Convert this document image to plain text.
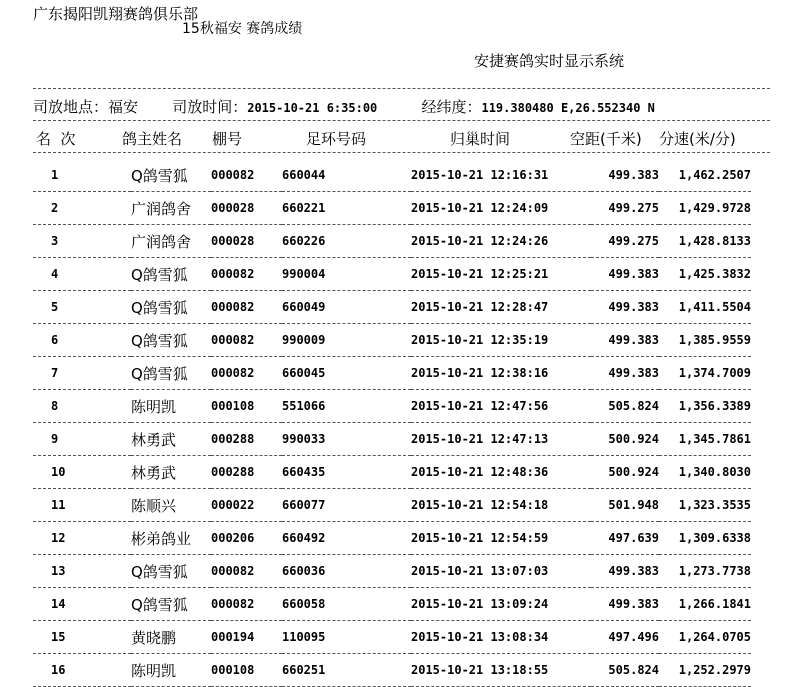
广东揭阳凯翔赛鸽俱乐部
15秋福安 赛鸽成绩
安捷赛鸽实时显示系统
司放地点：福安 司放时间：2015-10-21 6:35:00	经纬度：119.380480 E,26.552340 N
名  次	鸽主姓名 棚号	足环号码	归巢时间	空距(千米) 分速(米/分)
1	Q鸽雪狐	000082	660044	2015-10-21 12:16:31	499.383	1,462.2507
2	广润鸽舍	000028	660221	2015-10-21 12:24:09	499.275	1,429.9728
3	广润鸽舍	000028	660226	2015-10-21 12:24:26	499.275	1,428.8133
4	Q鸽雪狐	000082	990004	2015-10-21 12:25:21	499.383	1,425.3832
5	Q鸽雪狐	000082	660049	2015-10-21 12:28:47	499.383	1,411.5504
6	Q鸽雪狐	000082	990009	2015-10-21 12:35:19	499.383	1,385.9559
7	Q鸽雪狐	000082	660045	2015-10-21 12:38:16	499.383	1,374.7009
8	陈明凯	000108	551066	2015-10-21 12:47:56	505.824	1,356.3389
9	林勇武	000288	990033	2015-10-21 12:47:13	500.924	1,345.7861
10	林勇武	000288	660435	2015-10-21 12:48:36	500.924	1,340.8030
11	陈顺兴	000022	660077	2015-10-21 12:54:18	501.948	1,323.3535
12	彬弟鸽业	000206	660492	2015-10-21 12:54:59	497.639	1,309.6338
13	Q鸽雪狐	000082	660036	2015-10-21 13:07:03	499.383	1,273.7738
14	Q鸽雪狐	000082	660058	2015-10-21 13:09:24	499.383	1,266.1841
15	黄晓鹏	000194	110095	2015-10-21 13:08:34	497.496	1,264.0705
16	陈明凯	000108	660251	2015-10-21 13:18:55	505.824	1,252.2979
